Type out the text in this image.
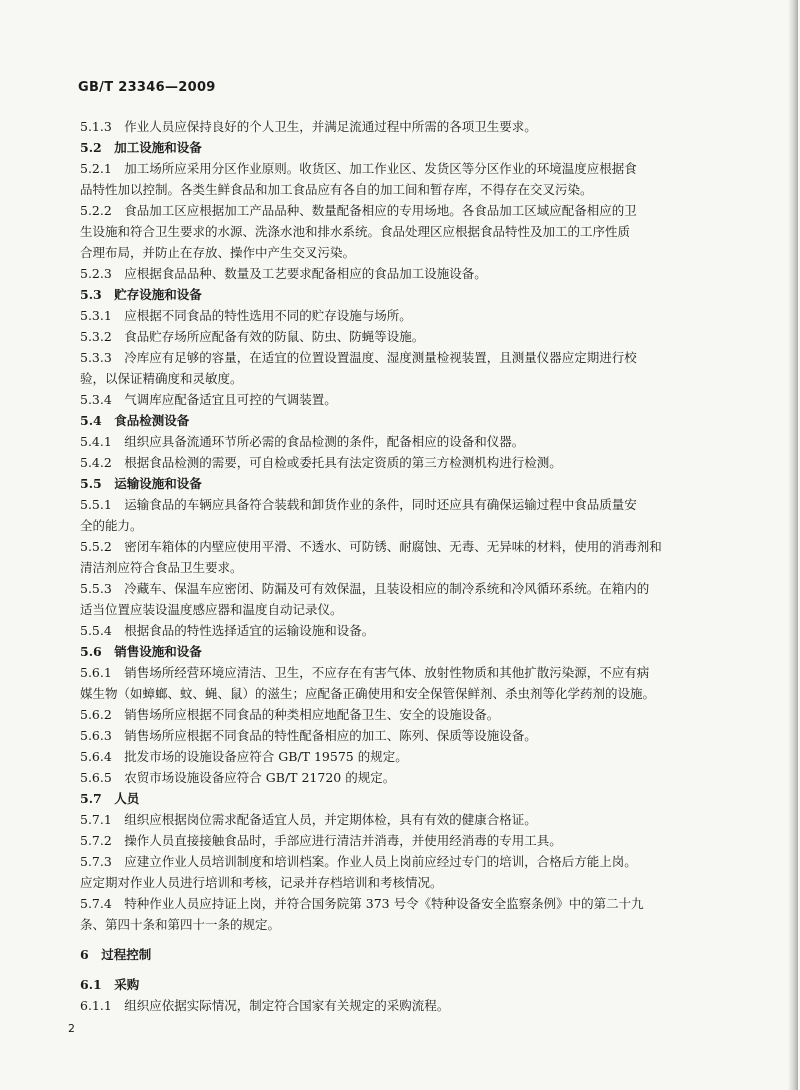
GB/T 23346—2009
5.1.3　作业人员应保持良好的个人卫生，并满足流通过程中所需的各项卫生要求。
5.2　加工设施和设备
5.2.1　加工场所应采用分区作业原则。收货区、加工作业区、发货区等分区作业的环境温度应根据食
品特性加以控制。各类生鲜食品和加工食品应有各自的加工间和暂存库，不得存在交叉污染。
5.2.2　食品加工区应根据加工产品品种、数量配备相应的专用场地。各食品加工区域应配备相应的卫
生设施和符合卫生要求的水源、洗涤水池和排水系统。食品处理区应根据食品特性及加工的工序性质
合理布局，并防止在存放、操作中产生交叉污染。
5.2.3　应根据食品品种、数量及工艺要求配备相应的食品加工设施设备。
5.3　贮存设施和设备
5.3.1　应根据不同食品的特性选用不同的贮存设施与场所。
5.3.2　食品贮存场所应配备有效的防鼠、防虫、防蝇等设施。
5.3.3　冷库应有足够的容量，在适宜的位置设置温度、湿度测量检视装置，且测量仪器应定期进行校
验，以保证精确度和灵敏度。
5.3.4　气调库应配备适宜且可控的气调装置。
5.4　食品检测设备
5.4.1　组织应具备流通环节所必需的食品检测的条件，配备相应的设备和仪器。
5.4.2　根据食品检测的需要，可自检或委托具有法定资质的第三方检测机构进行检测。
5.5　运输设施和设备
5.5.1　运输食品的车辆应具备符合装载和卸货作业的条件，同时还应具有确保运输过程中食品质量安
全的能力。
5.5.2　密闭车箱体的内壁应使用平滑、不透水、可防锈、耐腐蚀、无毒、无异味的材料，使用的消毒剂和
清洁剂应符合食品卫生要求。
5.5.3　冷藏车、保温车应密闭、防漏及可有效保温，且装设相应的制冷系统和冷风循环系统。在箱内的
适当位置应装设温度感应器和温度自动记录仪。
5.5.4　根据食品的特性选择适宜的运输设施和设备。
5.6　销售设施和设备
5.6.1　销售场所经营环境应清洁、卫生，不应存在有害气体、放射性物质和其他扩散污染源，不应有病
媒生物（如蟑螂、蚊、蝇、鼠）的滋生；应配备正确使用和安全保管保鲜剂、杀虫剂等化学药剂的设施。
5.6.2　销售场所应根据不同食品的种类相应地配备卫生、安全的设施设备。
5.6.3　销售场所应根据不同食品的特性配备相应的加工、陈列、保质等设施设备。
5.6.4　批发市场的设施设备应符合 GB/T 19575 的规定。
5.6.5　农贸市场设施设备应符合 GB/T 21720 的规定。
5.7　人员
5.7.1　组织应根据岗位需求配备适宜人员，并定期体检，具有有效的健康合格证。
5.7.2　操作人员直接接触食品时，手部应进行清洁并消毒，并使用经消毒的专用工具。
5.7.3　应建立作业人员培训制度和培训档案。作业人员上岗前应经过专门的培训，合格后方能上岗。
应定期对作业人员进行培训和考核，记录并存档培训和考核情况。
5.7.4　特种作业人员应持证上岗，并符合国务院第 373 号令《特种设备安全监察条例》中的第二十九
条、第四十条和第四十一条的规定。
6　过程控制
6.1　采购
6.1.1　组织应依据实际情况，制定符合国家有关规定的采购流程。
2
